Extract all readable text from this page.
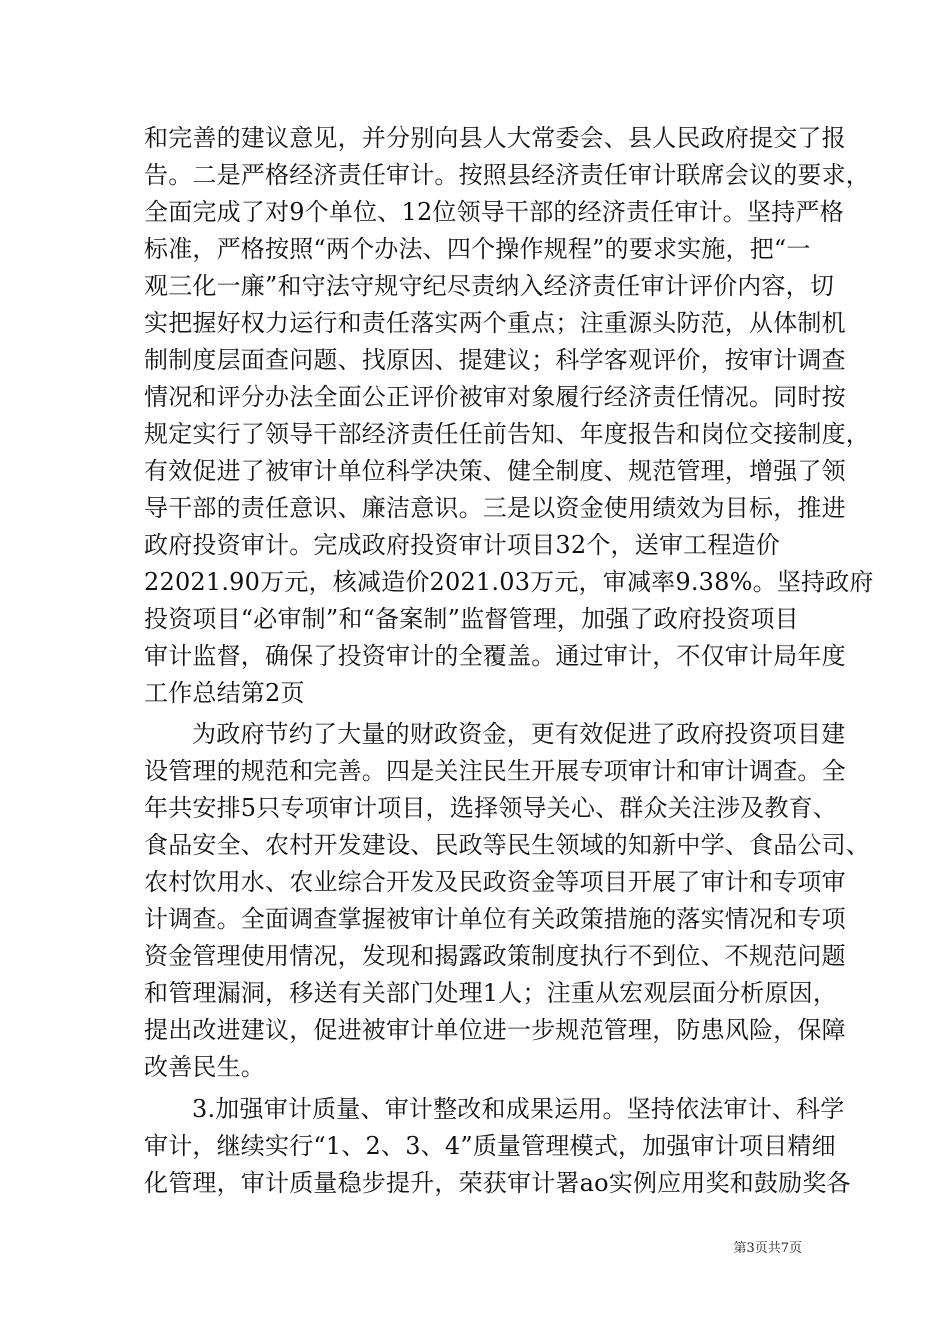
和完善的建议意见，并分别向县人大常委会、县人民政府提交了报
告。二是严格经济责任审计。按照县经济责任审计联席会议的要求，
全面完成了对9个单位、12位领导干部的经济责任审计。坚持严格
标准，严格按照“两个办法、四个操作规程”的要求实施，把“一
观三化一廉”和守法守规守纪尽责纳入经济责任审计评价内容，切
实把握好权力运行和责任落实两个重点；注重源头防范，从体制机
制制度层面查问题、找原因、提建议；科学客观评价，按审计调查
情况和评分办法全面公正评价被审对象履行经济责任情况。同时按
规定实行了领导干部经济责任任前告知、年度报告和岗位交接制度，
有效促进了被审计单位科学决策、健全制度、规范管理，增强了领
导干部的责任意识、廉洁意识。三是以资金使用绩效为目标，推进
政府投资审计。完成政府投资审计项目32个，送审工程造价
22021.90万元，核减造价2021.03万元，审减率9.38%。坚持政府
投资项目“必审制”和“备案制”监督管理，加强了政府投资项目
审计监督，确保了投资审计的全覆盖。通过审计，不仅审计局年度
工作总结第2页
为政府节约了大量的财政资金，更有效促进了政府投资项目建
设管理的规范和完善。四是关注民生开展专项审计和审计调查。全
年共安排5只专项审计项目，选择领导关心、群众关注涉及教育、
食品安全、农村开发建设、民政等民生领域的知新中学、食品公司、
农村饮用水、农业综合开发及民政资金等项目开展了审计和专项审
计调查。全面调查掌握被审计单位有关政策措施的落实情况和专项
资金管理使用情况，发现和揭露政策制度执行不到位、不规范问题
和管理漏洞，移送有关部门处理1人；注重从宏观层面分析原因，
提出改进建议，促进被审计单位进一步规范管理，防患风险，保障
改善民生。
3.加强审计质量、审计整改和成果运用。坚持依法审计、科学
审计，继续实行“1、2、3、4”质量管理模式，加强审计项目精细
化管理，审计质量稳步提升，荣获审计署ao实例应用奖和鼓励奖各
第3页共7页
